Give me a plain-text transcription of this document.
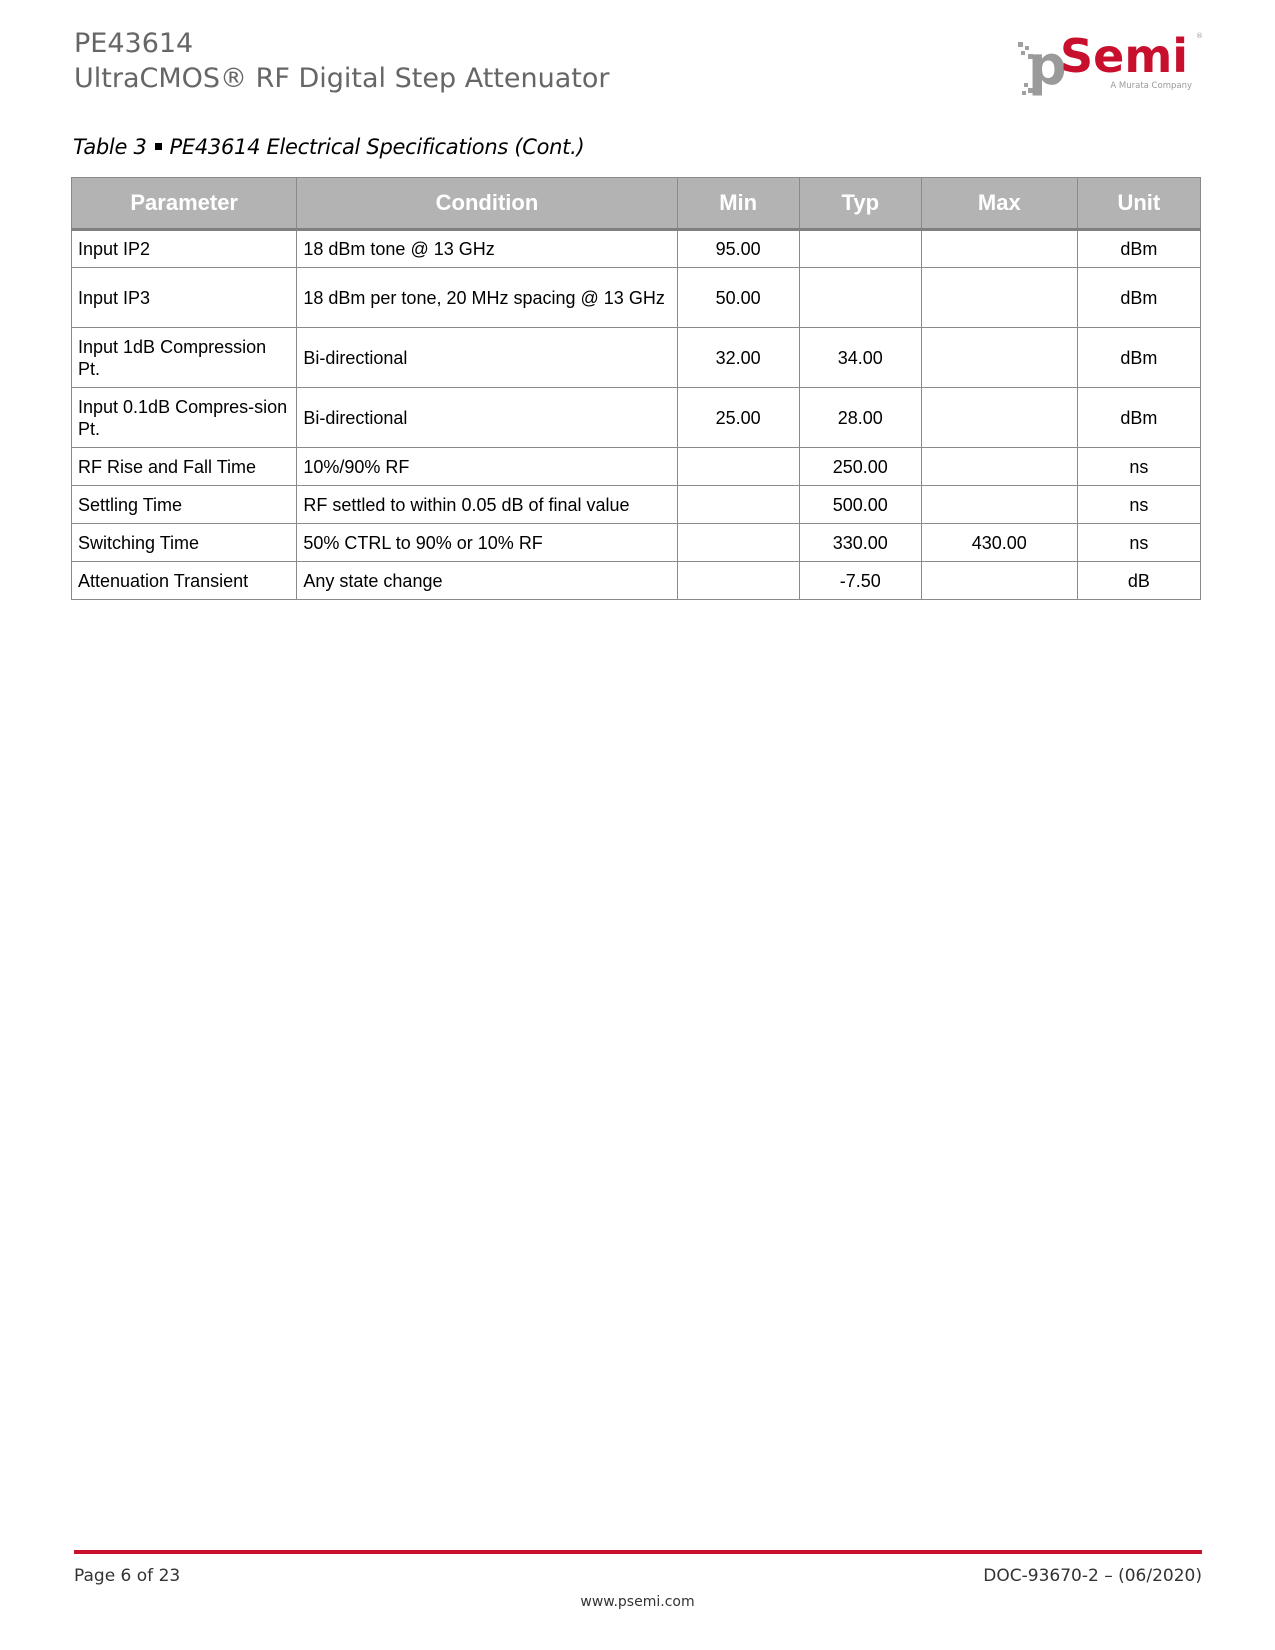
PE43614
UltraCMOS® RF Digital Step Attenuator	p
Semi ®
A Murata Company
Table 3 PE43614 Electrical Specifications (Cont.)
Parameter	Condition	Min	Typ	Max	Unit
Input IP2	18 dBm tone @ 13 GHz	95.00			dBm
Input IP3	18 dBm per tone, 20 MHz spacing @ 13 GHz	50.00			dBm
Input 1dB Compression Pt.	Bi-directional	32.00	34.00		dBm
Input 0.1dB Compres-sion Pt.	Bi-directional	25.00	28.00		dBm
RF Rise and Fall Time	10%/90% RF		250.00		ns
Settling Time	RF settled to within 0.05 dB of final value		500.00		ns
Switching Time	50% CTRL to 90% or 10% RF		330.00	430.00	ns
Attenuation Transient	Any state change		-7.50		dB
Page 6 of 23	DOC-93670-2 – (06/2020)
www.psemi.com
